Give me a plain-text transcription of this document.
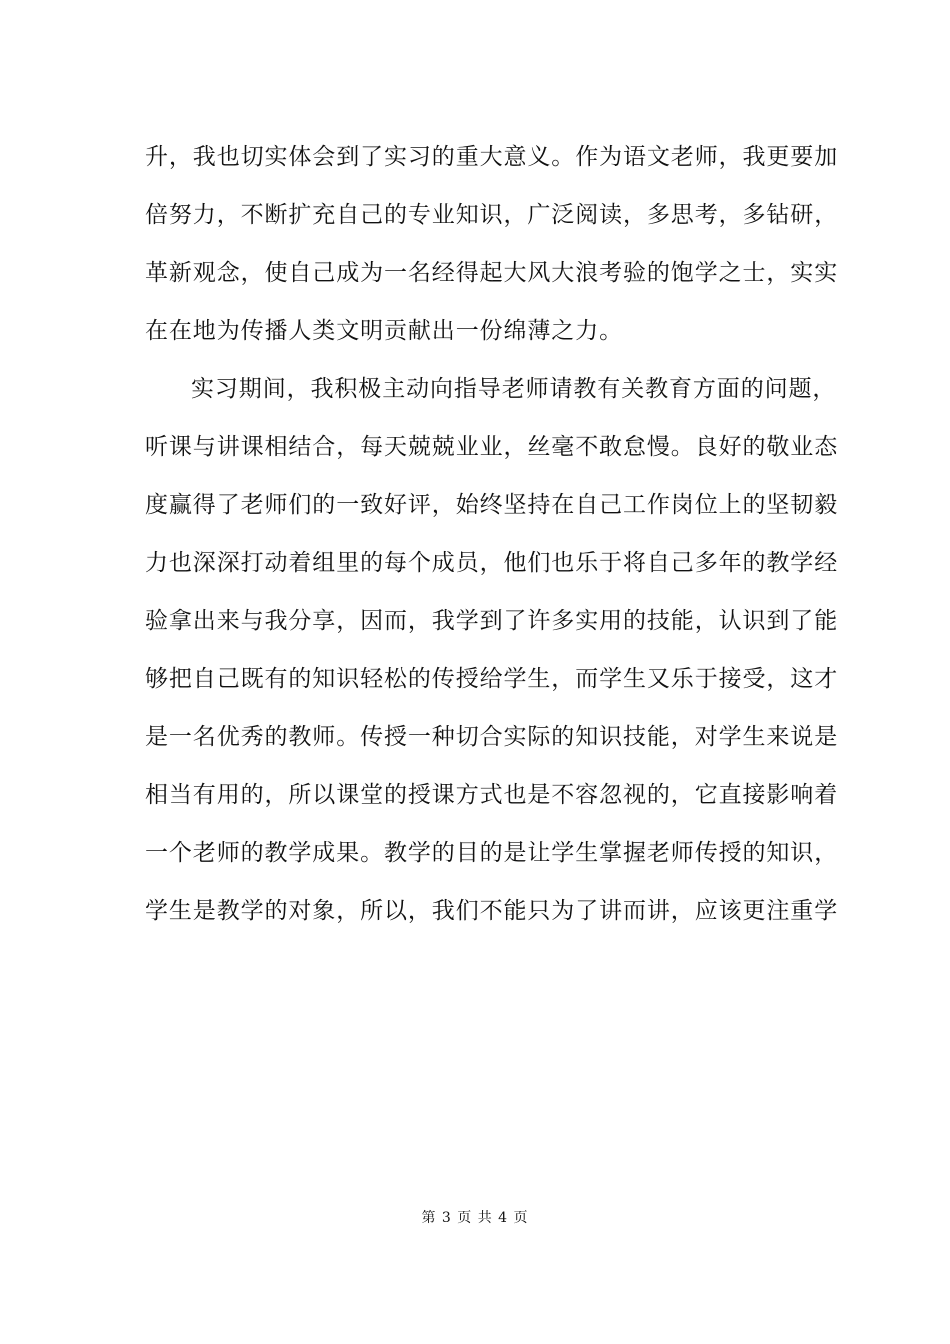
升，我也切实体会到了实习的重大意义。作为语文老师，我更要加
倍努力，不断扩充自己的专业知识，广泛阅读，多思考，多钻研，
革新观念，使自己成为一名经得起大风大浪考验的饱学之士，实实
在在地为传播人类文明贡献出一份绵薄之力。
实习期间，我积极主动向指导老师请教有关教育方面的问题，
听课与讲课相结合，每天兢兢业业，丝毫不敢怠慢。良好的敬业态
度赢得了老师们的一致好评，始终坚持在自己工作岗位上的坚韧毅
力也深深打动着组里的每个成员，他们也乐于将自己多年的教学经
验拿出来与我分享，因而，我学到了许多实用的技能，认识到了能
够把自己既有的知识轻松的传授给学生，而学生又乐于接受，这才
是一名优秀的教师。传授一种切合实际的知识技能，对学生来说是
相当有用的，所以课堂的授课方式也是不容忽视的，它直接影响着
一个老师的教学成果。教学的目的是让学生掌握老师传授的知识，
学生是教学的对象，所以，我们不能只为了讲而讲，应该更注重学
第 3 页 共 4 页
